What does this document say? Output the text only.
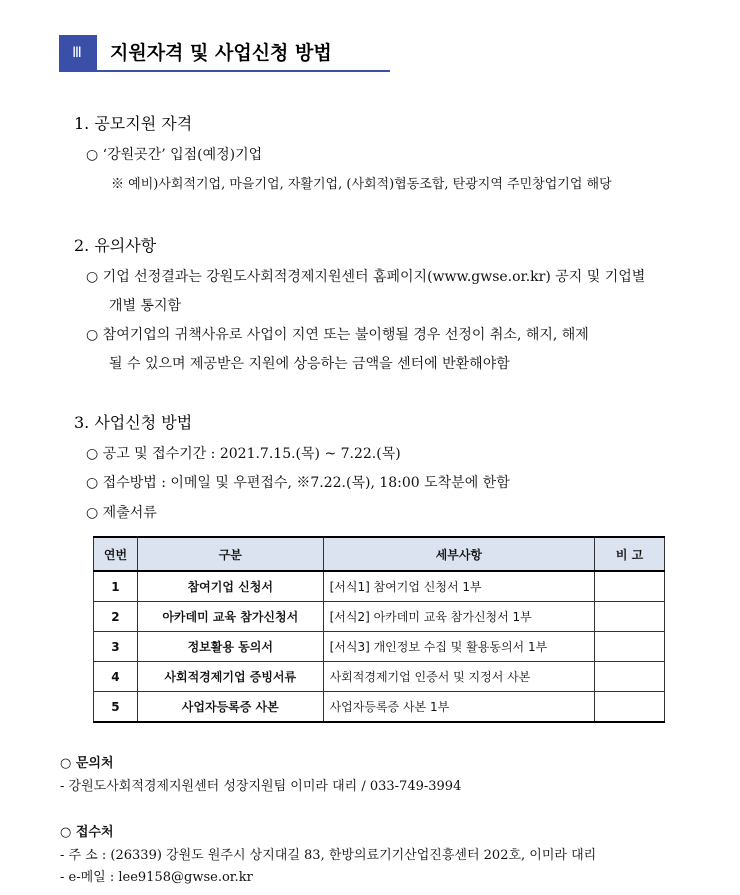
Ⅲ	지원자격 및 사업신청 방법
1. 공모지원 자격
○ ‘강원곳간’ 입점(예정)기업
※ 예비)사회적기업, 마을기업, 자활기업, (사회적)협동조합, 탄광지역 주민창업기업 해당
2. 유의사항
○ 기업 선정결과는 강원도사회적경제지원센터 홈페이지(www.gwse.or.kr) 공지 및 기업별
개별 통지함
○ 참여기업의 귀책사유로 사업이 지연 또는 불이행될 경우 선정이 취소, 해지, 해제
될 수 있으며 제공받은 지원에 상응하는 금액을 센터에 반환해야함
3. 사업신청 방법
○ 공고 및 접수기간 : 2021.7.15.(목) ~ 7.22.(목)
○ 접수방법 : 이메일 및 우편접수, ※7.22.(목), 18:00 도착분에 한함
○ 제출서류
연번	구분	세부사항	비 고
1	참여기업 신청서	[서식1] 참여기업 신청서 1부	
2	아카데미 교육 참가신청서	[서식2] 아카데미 교육 참가신청서 1부	
3	정보활용 동의서	[서식3] 개인정보 수집 및 활용동의서 1부	
4	사회적경제기업 증빙서류	사회적경제기업 인증서 및 지정서 사본	
5	사업자등록증 사본	사업자등록증 사본 1부	
○ 문의처
- 강원도사회적경제지원센터 성장지원팀 이미라 대리 / 033-749-3994
○ 접수처
- 주 소 : (26339) 강원도 원주시 상지대길 83, 한방의료기기산업진흥센터 202호, 이미라 대리
- e-메일 : lee9158@gwse.or.kr
